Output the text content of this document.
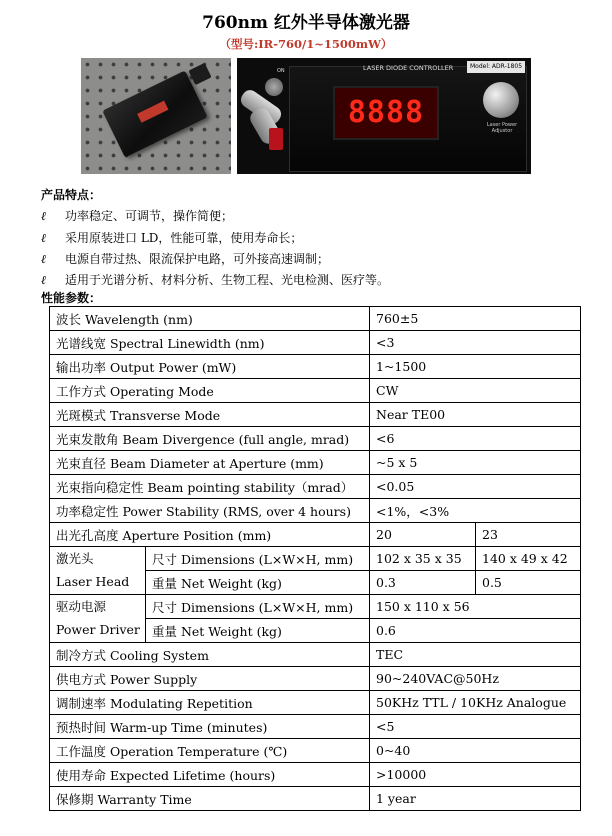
760nm 红外半导体激光器
（型号:IR-760/1~1500mW）
ON	LASER DIODE CONTROLLER	Model: ADR-1805
8888	Laser Power Adjustor
产品特点：
ℓ 功率稳定、可调节，操作简便；
ℓ 采用原装进口 LD，性能可靠，使用寿命长；
ℓ 电源自带过热、限流保护电路，可外接高速调制；
ℓ 适用于光谱分析、材料分析、生物工程、光电检测、医疗等。
性能参数：
波长 Wavelength (nm)		760±5	
光谱线宽 Spectral Linewidth (nm)		<3	
输出功率 Output Power (mW)		1~1500	
工作方式 Operating Mode		CW	
光斑模式 Transverse Mode		Near TE00	
光束发散角 Beam Divergence (full angle, mrad)		<6	
光束直径 Beam Diameter at Aperture (mm)		~5 x 5	
光束指向稳定性 Beam pointing stability（mrad）		<0.05	
功率稳定性 Power Stability (RMS, over 4 hours)		<1%，<3%	
出光孔高度 Aperture Position (mm)		20	23

激光头
Laser Head	尺寸 Dimensions (L×W×H, mm)	102 x 35 x 35	140 x 49 x 42
	重量 Net Weight (kg)	0.3	0.5

驱动电源
Power Driver	尺寸 Dimensions (L×W×H, mm)	150 x 110 x 56	
	重量 Net Weight (kg)	0.6	
制冷方式 Cooling System		TEC	
供电方式 Power Supply		90~240VAC@50Hz	
调制速率 Modulating Repetition		50KHz TTL / 10KHz Analogue	
预热时间 Warm-up Time (minutes)		<5	
工作温度 Operation Temperature (℃)		0~40	
使用寿命 Expected Lifetime (hours)		>10000	
保修期 Warranty Time		1 year	
